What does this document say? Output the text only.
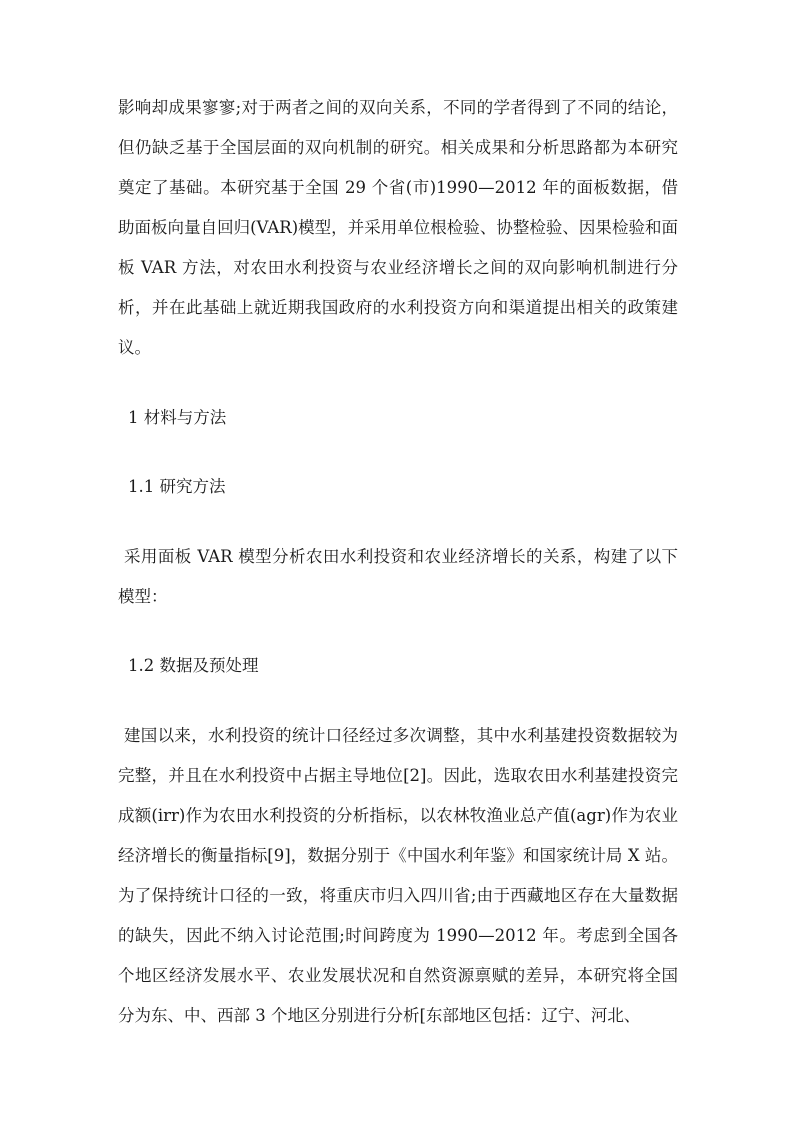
影响却成果寥寥;对于两者之间的双向关系，不同的学者得到了不同的结论，但仍缺乏基于全国层面的双向机制的研究。相关成果和分析思路都为本研究奠定了基础。本研究基于全国 29 个省(市)1990—2012 年的面板数据，借助面板向量自回归(VAR)模型，并采用单位根检验、协整检验、因果检验和面板 VAR 方法，对农田水利投资与农业经济增长之间的双向影响机制进行分析，并在此基础上就近期我国政府的水利投资方向和渠道提出相关的政策建议。

1 材料与方法

1.1 研究方法

采用面板 VAR 模型分析农田水利投资和农业经济增长的关系，构建了以下模型：

1.2 数据及预处理

建国以来，水利投资的统计口径经过多次调整，其中水利基建投资数据较为完整，并且在水利投资中占据主导地位[2]。因此，选取农田水利基建投资完成额(irr)作为农田水利投资的分析指标，以农林牧渔业总产值(agr)作为农业经济增长的衡量指标[9]，数据分别于《中国水利年鉴》和国家统计局 X 站。为了保持统计口径的一致，将重庆市归入四川省;由于西藏地区存在大量数据的缺失，因此不纳入讨论范围;时间跨度为 1990—2012 年。考虑到全国各个地区经济发展水平、农业发展状况和自然资源禀赋的差异，本研究将全国分为东、中、西部 3 个地区分别进行分析[东部地区包括：辽宁、河北、
